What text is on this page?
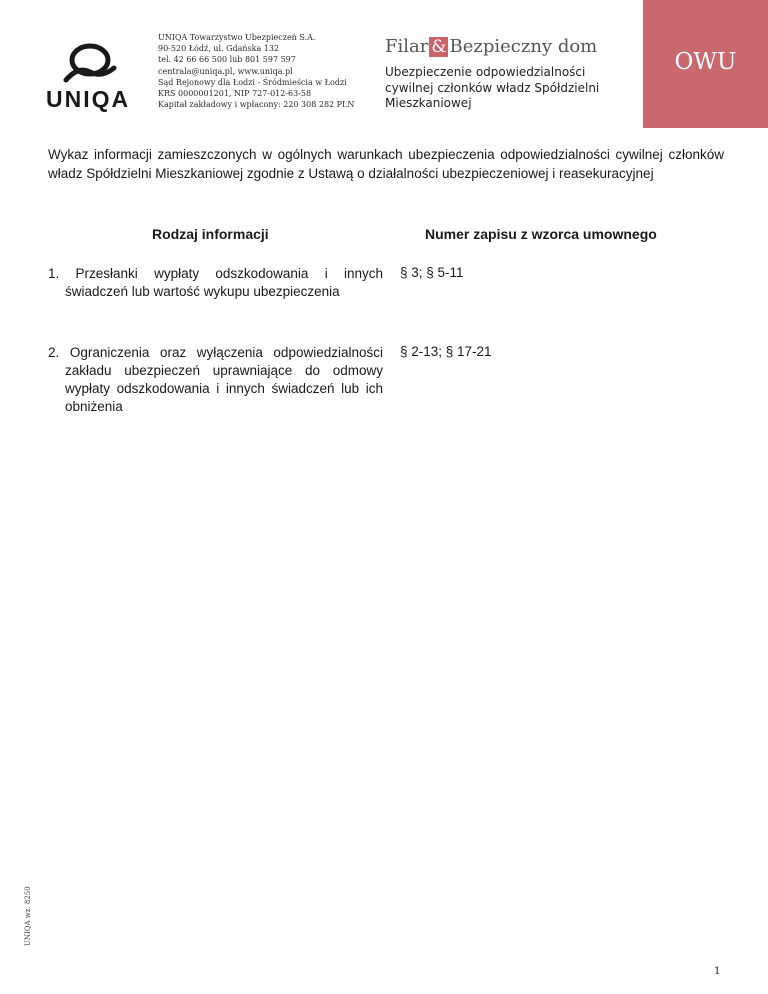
UNIQA
UNIQA Towarzystwo Ubezpieczeń S.A.
90-520 Łódź, ul. Gdańska 132
tel. 42 66 66 500 lub 801 597 597
centrala@uniqa.pl, www.uniqa.pl
Sąd Rejonowy dla Łodzi - Śródmieścia w Łodzi
KRS 0000001201, NIP 727-012-63-58
Kapitał zakładowy i wpłacony: 220 308 282 PLN
Filar & Bezpieczny dom
Ubezpieczenie odpowiedzialności
cywilnej członków władz Spółdzielni
Mieszkaniowej
owu
Wykaz informacji zamieszczonych w ogólnych warunkach ubezpieczenia odpowiedzialności cywilnej członków władz Spółdzielni Mieszkaniowej zgodnie z Ustawą o działalności ubezpieczeniowej i reasekuracyjnej
Rodzaj informacji	Numer zapisu z wzorca umownego
1. Przesłanki wypłaty odszkodowania i innych świadczeń lub wartość wykupu ubezpieczenia
§ 3; § 5-11
2. Ograniczenia oraz wyłączenia odpowiedzialności zakładu ubezpieczeń uprawniające do odmowy wypłaty odszkodowania i innych świadczeń lub ich obniżenia
§ 2-13; § 17-21
UNIQA wz. 8250
1
